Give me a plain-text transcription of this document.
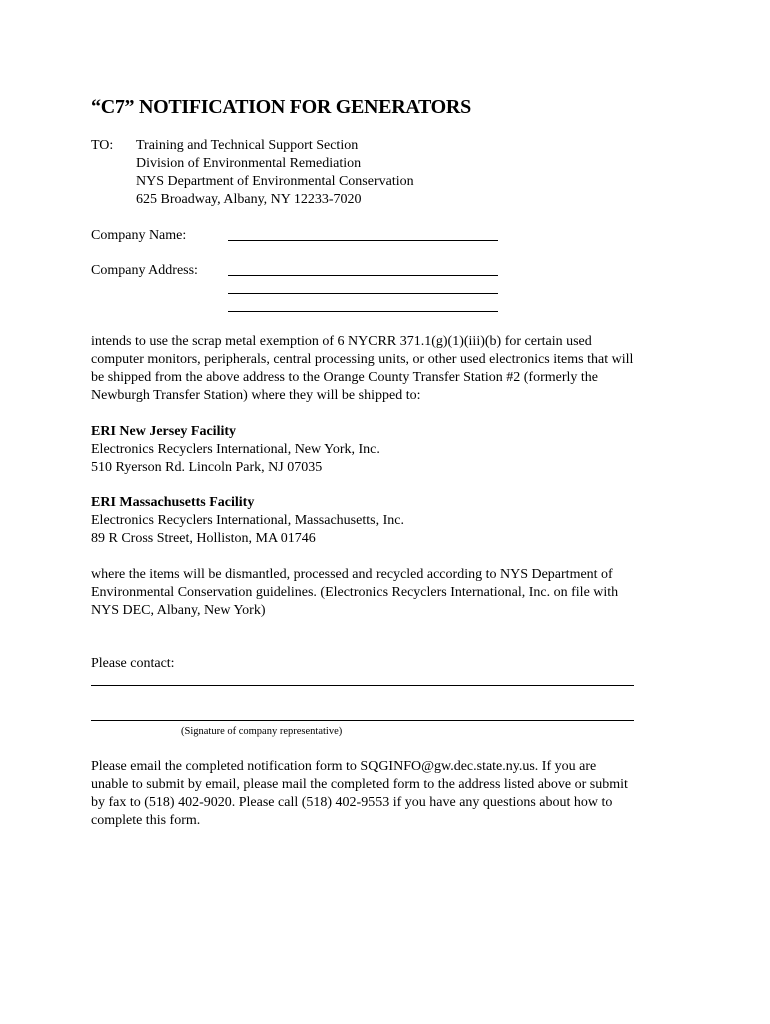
“C7” NOTIFICATION FOR GENERATORS
TO: Training and Technical Support Section
Division of Environmental Remediation
NYS Department of Environmental Conservation
625 Broadway, Albany, NY 12233-7020
Company Name:
Company Address:
intends to use the scrap metal exemption of 6 NYCRR 371.1(g)(1)(iii)(b) for certain used
computer monitors, peripherals, central processing units, or other used electronics items that will
be shipped from the above address to the Orange County Transfer Station #2 (formerly the
Newburgh Transfer Station) where they will be shipped to:
ERI New Jersey Facility
Electronics Recyclers International, New York, Inc.
510 Ryerson Rd. Lincoln Park, NJ 07035
ERI Massachusetts Facility
Electronics Recyclers International, Massachusetts, Inc.
89 R Cross Street, Holliston, MA 01746
where the items will be dismantled, processed and recycled according to NYS Department of
Environmental Conservation guidelines. (Electronics Recyclers International, Inc. on file with
NYS DEC, Albany, New York)
Please contact:
(Signature of company representative)
Please email the completed notification form to SQGINFO@gw.dec.state.ny.us. If you are
unable to submit by email, please mail the completed form to the address listed above or submit
by fax to (518) 402-9020. Please call (518) 402-9553 if you have any questions about how to
complete this form.
